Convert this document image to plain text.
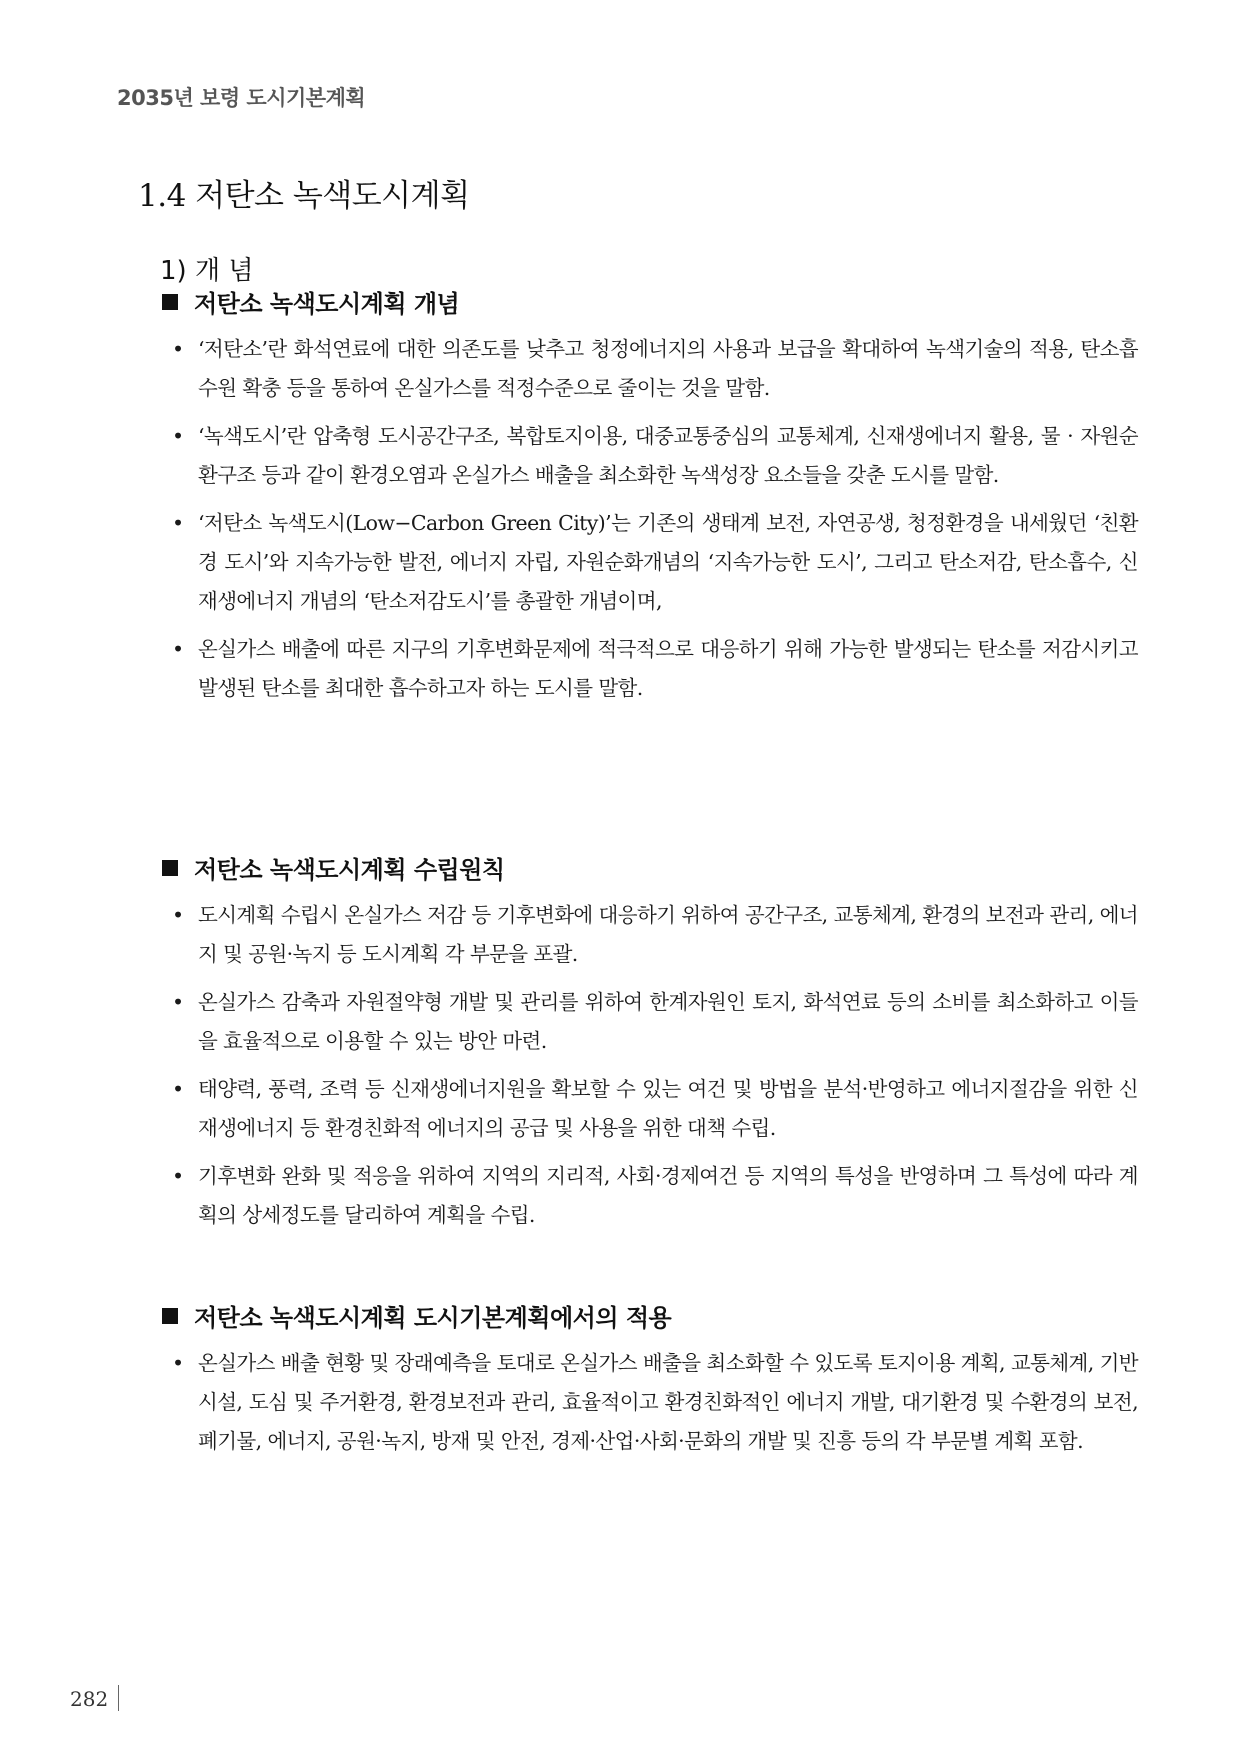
2035년 보령 도시기본계획
1.4 저탄소 녹색도시계획
1) 개 념
저탄소 녹색도시계획 개념
• ‘저탄소’란 화석연료에 대한 의존도를 낮추고 청정에너지의 사용과 보급을 확대하여 녹색기술의 적용, 탄소흡수원 확충 등을 통하여 온실가스를 적정수준으로 줄이는 것을 말함.
• ‘녹색도시’란 압축형 도시공간구조, 복합토지이용, 대중교통중심의 교통체계, 신재생에너지 활용, 물 · 자원순환구조 등과 같이 환경오염과 온실가스 배출을 최소화한 녹색성장 요소들을 갖춘 도시를 말함.
• ‘저탄소 녹색도시(Low−Carbon Green City)’는 기존의 생태계 보전, 자연공생, 청정환경을 내세웠던 ‘친환경 도시’와 지속가능한 발전, 에너지 자립, 자원순화개념의 ‘지속가능한 도시’, 그리고 탄소저감, 탄소흡수, 신재생에너지 개념의 ‘탄소저감도시’를 총괄한 개념이며,
• 온실가스 배출에 따른 지구의 기후변화문제에 적극적으로 대응하기 위해 가능한 발생되는 탄소를 저감시키고 발생된 탄소를 최대한 흡수하고자 하는 도시를 말함.
저탄소 녹색도시계획 수립원칙
• 도시계획 수립시 온실가스 저감 등 기후변화에 대응하기 위하여 공간구조, 교통체계, 환경의 보전과 관리, 에너지 및 공원·녹지 등 도시계획 각 부문을 포괄.
• 온실가스 감축과 자원절약형 개발 및 관리를 위하여 한계자원인 토지, 화석연료 등의 소비를 최소화하고 이들을 효율적으로 이용할 수 있는 방안 마련.
• 태양력, 풍력, 조력 등 신재생에너지원을 확보할 수 있는 여건 및 방법을 분석·반영하고 에너지절감을 위한 신재생에너지 등 환경친화적 에너지의 공급 및 사용을 위한 대책 수립.
• 기후변화 완화 및 적응을 위하여 지역의 지리적, 사회·경제여건 등 지역의 특성을 반영하며 그 특성에 따라 계획의 상세정도를 달리하여 계획을 수립.
저탄소 녹색도시계획 도시기본계획에서의 적용
• 온실가스 배출 현황 및 장래예측을 토대로 온실가스 배출을 최소화할 수 있도록 토지이용 계획, 교통체계, 기반시설, 도심 및 주거환경, 환경보전과 관리, 효율적이고 환경친화적인 에너지 개발, 대기환경 및 수환경의 보전, 폐기물, 에너지, 공원·녹지, 방재 및 안전, 경제·산업·사회·문화의 개발 및 진흥 등의 각 부문별 계획 포함.
282
